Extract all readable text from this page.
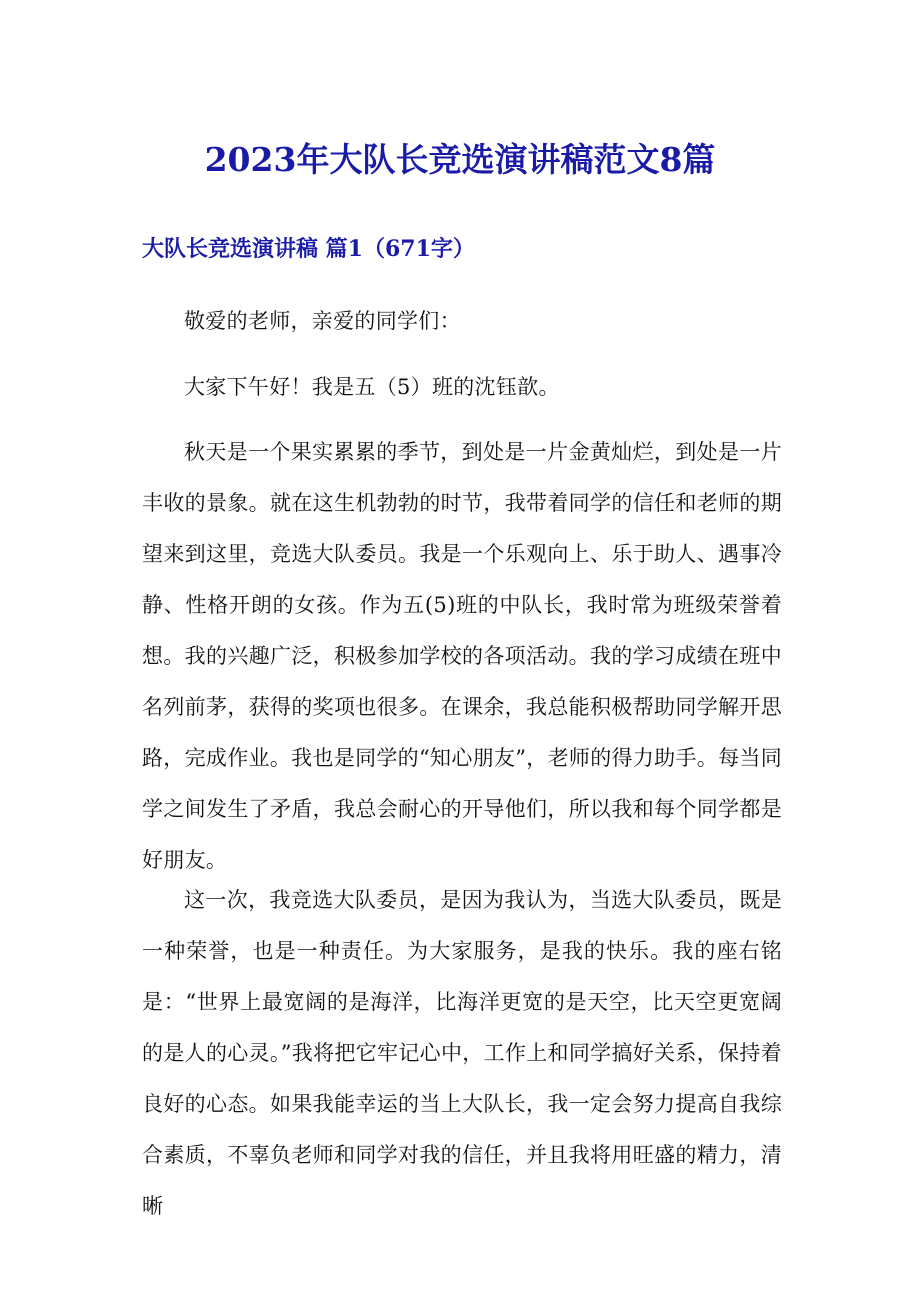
2023年大队长竞选演讲稿范文8篇
大队长竞选演讲稿 篇1（671字）

敬爱的老师，亲爱的同学们：

大家下午好！我是五（5）班的沈钰歆。

秋天是一个果实累累的季节，到处是一片金黄灿烂，到处是一片丰收的景象。就在这生机勃勃的时节，我带着同学的信任和老师的期望来到这里，竞选大队委员。我是一个乐观向上、乐于助人、遇事冷静、性格开朗的女孩。作为五(5)班的中队长，我时常为班级荣誉着想。我的兴趣广泛，积极参加学校的各项活动。我的学习成绩在班中名列前茅，获得的奖项也很多。在课余，我总能积极帮助同学解开思路，完成作业。我也是同学的“知心朋友”，老师的得力助手。每当同学之间发生了矛盾，我总会耐心的开导他们，所以我和每个同学都是好朋友。

这一次，我竞选大队委员，是因为我认为，当选大队委员，既是一种荣誉，也是一种责任。为大家服务，是我的快乐。我的座右铭是：“世界上最宽阔的是海洋，比海洋更宽的是天空，比天空更宽阔的是人的心灵。”我将把它牢记心中，工作上和同学搞好关系，保持着良好的心态。如果我能幸运的当上大队长，我一定会努力提高自我综合素质，不辜负老师和同学对我的信任，并且我将用旺盛的精力，清晰
